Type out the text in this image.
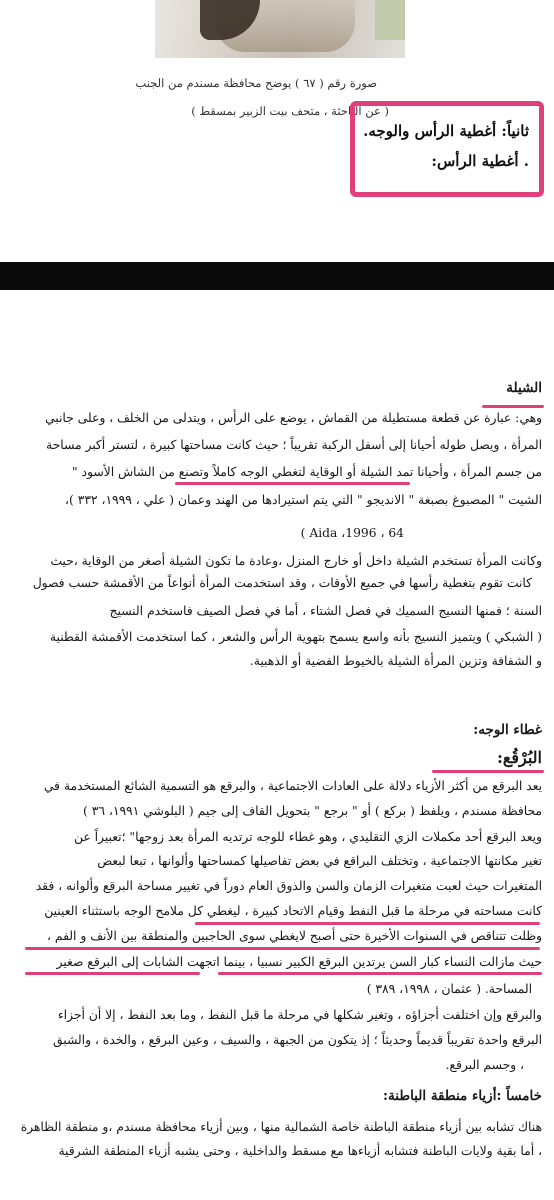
صورة رقم ( ٦٧ ) يوضح محافظة مسندم من الجنب
( عن الباحثة ، متحف بيت الزبير بمسقط )
ثانياً: أغطية الرأس والوجه.
. أغطية الرأس:
الشيلة
وهي: عبارة عن قطعة مستطيلة من القماش ، يوضع على الرأس ، ويتدلى من الخلف ، وعلى جانبي
المرأة ، ويصل طوله أحيانا إلى أسفل الركبة تقريباً ؛ حيث كانت مساحتها كبيرة ، لتستر أكبر مساحة
من جسم المرأة ، وأحيانا تمد الشيلة أو الوقاية لتغطي الوجه كاملاً وتصنع من الشاش الأسود "
الشيت " المصبوغ بصبغة " الانديجو " التي يتم استيرادها من الهند وعمان ( علي ، ١٩٩٩، ٣٣٢ )،
( Aida ،1996 ، 64
وكانت المرأة تستخدم الشيلة داخل أو خارج المنزل ،وعادة ما تكون الشيلة أصغر من الوقاية ،حيث
كانت تقوم بتغطية رأسها في جميع الأوقات ، وقد استخدمت المرأة أنواعاً من الأقمشة حسب فصول
السنة ؛ فمنها النسيج السميك في فصل الشتاء ، أما في فصل الصيف فاستخدم النسيج
( الشبكي ) ويتميز النسيج بأنه واسع يسمح بتهوية الرأس والشعر ، كما استخدمت الأقمشة القطنية
و الشفافة وتزين المرأة الشيلة بالخيوط الفضية أو الذهبية.
غطاء الوجه:
البُرْقُع:
يعد البرقع من أكثر الأزياء دلالة على العادات الاجتماعية ، والبرقع هو التسمية الشائع المستخدمة في
محافظة مسندم ، ويلفظ ( بركع ) أو " برجع " بتحويل القاف إلى جيم ( البلوشي ١٩٩١، ٣٦ )
ويعد البرقع أحد مكملات الزي التقليدي ، وهو غطاء للوجه ترتديه المرأة بعد زوجها" ؛تعبيراً عن
تغير مكانتها الاجتماعية ، وتختلف البراقع في بعض تفاصيلها كمساحتها وألوانها ، تبعا لبعض
المتغيرات حيث لعبت متغيرات الزمان والسن والذوق العام دوراً في تغيير مساحة البرقع وألوانه ، فقد
كانت مساحته في مرحلة ما قبل النفط وقيام الاتحاد كبيرة ، ليغطي كل ملامح الوجه باستثناء العينين
وظلت تتناقص في السنوات الأخيرة حتى أصبح لايغطي سوى الحاجبين والمنطقة بين الأنف و الفم ،
حيث مازالت النساء كبار السن يرتدين البرقع الكبير نسبيا ، بينما اتجهت الشابات إلى البرقع صغير
المساحة. ( عثمان ، ١٩٩٨، ٣٨٩ )
والبرقع وإن اختلفت أجزاؤه ، وتغير شكلها في مرحلة ما قبل النفط ، وما بعد النفط ، إلا أن أجزاء
البرقع واحدة تقريباً قديماً وحديثاً ؛ إذ يتكون من الجبهة ، والسيف ، وعين البرقع ، والخدة ، والشبق
، وجسم البرقع.
خامساً :أزياء منطقة الباطنة:
هناك تشابه بين أزياء منطقة الباطنة خاصة الشمالية منها ، وبين أزياء محافظة مسندم ،و منطقة الظاهرة
، أما بقية ولايات الباطنة فتشابه أزياءها مع مسقط والداخلية ، وحتى يشبه أزياء المنطقة الشرقية
